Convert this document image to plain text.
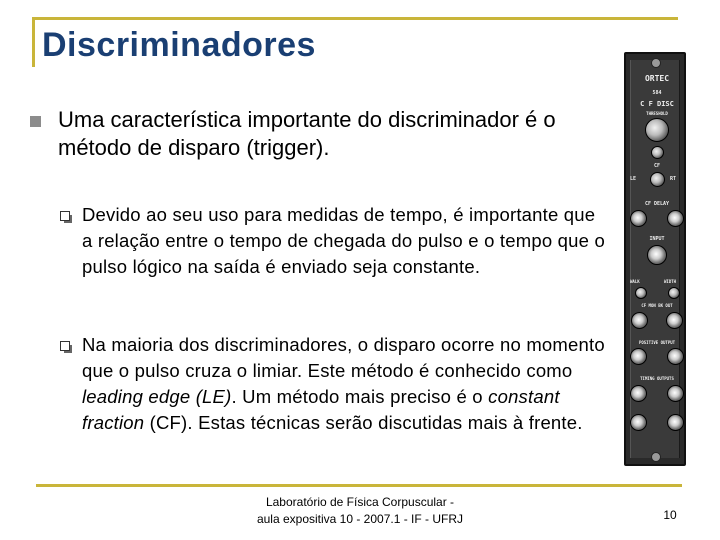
Discriminadores
Uma característica importante do discriminador é o método de disparo (trigger).
Devido ao seu uso para medidas de tempo, é importante que a relação entre o tempo de chegada do pulso e o tempo que o pulso lógico na saída é enviado seja constante.
Na maioria dos discriminadores, o disparo ocorre no momento que o pulso cruza o limiar. Este método é conhecido como leading edge (LE). Um método mais preciso é o constant fraction (CF). Estas técnicas serão discutidas mais à frente.
ORTEC
584
C F DISC
THRESHOLD
CF
LE	RT
CF DELAY
INPUT
WALK	WIDTH
CF MON BK OUT
POSITIVE OUTPUT
TIMING OUTPUTS
Laboratório de Física Corpuscular -
aula expositiva 10 - 2007.1 - IF - UFRJ	10
